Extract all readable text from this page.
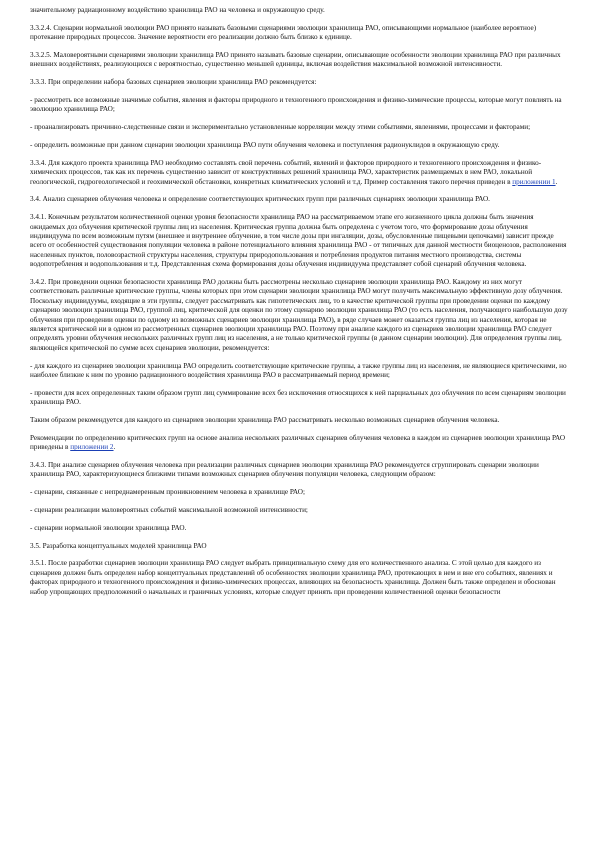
значительному радиационному воздействию хранилища РАО на человека и окружающую среду.

3.3.2.4. Сценарии нормальной эволюции РАО принято называть базовыми сценариями эволюции хранилища РАО, описывающими нормальное (наиболее вероятное) протекание природных процессов. Значение вероятности его реализации должно быть близко к единице.

3.3.2.5. Маловероятными сценариями эволюции хранилища РАО принято называть базовые сценарии, описывающие особенности эволюции хранилища РАО при различных внешних воздействиях, реализующихся с вероятностью, существенно меньшей единицы, включая воздействия максимальной возможной интенсивности.

3.3.3. При определении набора базовых сценариев эволюции хранилища РАО рекомендуется:

- рассмотреть все возможные значимые события, явления и факторы природного и техногенного происхождения и физико-химические процессы, которые могут повлиять на эволюцию хранилища РАО;

- проанализировать причинно-следственные связи и экспериментально установленные корреляции между этими событиями, явлениями, процессами и факторами;

- определить возможные при данном сценарии эволюции хранилища РАО пути облучения человека и поступления радионуклидов в окружающую среду.

3.3.4. Для каждого проекта хранилища РАО необходимо составлять свой перечень событий, явлений и факторов природного и техногенного происхождения и физико-химических процессов, так как их перечень существенно зависит от конструктивных решений хранилища РАО, характеристик размещаемых в нем РАО, локальной геологической, гидрогеологической и геохимической обстановки, конкретных климатических условий и т.д. Пример составления такого перечня приведен в приложении 1.

3.4. Анализ сценариев облучения человека и определение соответствующих критических групп при различных сценариях эволюции хранилища РАО.

3.4.1. Конечным результатом количественной оценки уровня безопасности хранилища РАО на рассматриваемом этапе его жизненного цикла должны быть значения ожидаемых доз облучения критической группы лиц из населения. Критическая группа должна быть определена с учетом того, что формирование дозы облучения индивидуума по всем возможным путям (внешнее и внутреннее облучение, в том числе дозы при ингаляции, дозы, обусловленные пищевыми цепочками) зависит прежде всего от особенностей существования популяции человека в районе потенциального влияния хранилища РАО - от типичных для данной местности биоценозов, расположения населенных пунктов, половозрастной структуры населения, структуры природопользования и потребления продуктов питания местного производства, системы водопотребления и водопользования и т.д. Представленная схема формирования дозы облучения индивидуума представляет собой сценарий облучения человека.

3.4.2. При проведении оценки безопасности хранилища РАО должны быть рассмотрены несколько сценариев эволюции хранилища РАО. Каждому из них могут соответствовать различные критические группы, члены которых при этом сценарии эволюции хранилища РАО могут получить максимальную эффективную дозу облучения. Поскольку индивидуумы, входящие в эти группы, следует рассматривать как гипотетических лиц, то в качестве критической группы при проведении оценки по каждому сценарию эволюции хранилища РАО, группой лиц, критической для оценки по этому сценарию эволюции хранилища РАО (то есть населения, получающего наибольшую дозу облучения при проведении оценки по одному из возможных сценариев эволюции хранилища РАО), в ряде случаев может оказаться группа лиц из населения, которая не является критической ни в одном из рассмотренных сценариев эволюции хранилища РАО. Поэтому при анализе каждого из сценариев эволюции хранилища РАО следует определять уровни облучения нескольких различных групп лиц из населения, а не только критической группы (в данном сценарии эволюции). Для определения группы лиц, являющейся критической по сумме всех сценариев эволюции, рекомендуется:

- для каждого из сценариев эволюции хранилища РАО определить соответствующие критические группы, а также группы лиц из населения, не являющиеся критическими, но наиболее близкие к ним по уровню радиационного воздействия хранилища РАО в рассматриваемый период времени;

- провести для всех определенных таким образом групп лиц суммирование всех без исключения относящихся к ней парциальных доз облучения по всем сценариям эволюции хранилища РАО.

Таким образом рекомендуется для каждого из сценариев эволюции хранилища РАО рассматривать несколько возможных сценариев облучения человека.

Рекомендации по определению критических групп на основе анализа нескольких различных сценариев облучения человека в каждом из сценариев эволюции хранилища РАО приведены в приложении 2.

3.4.3. При анализе сценариев облучения человека при реализации различных сценариев эволюции хранилища РАО рекомендуется сгруппировать сценарии эволюции хранилища РАО, характеризующиеся близкими типами возможных сценариев облучения популяции человека, следующим образом:

- сценарии, связанные с непреднамеренным проникновением человека в хранилище РАО;

- сценарии реализации маловероятных событий максимальной возможной интенсивности;

- сценарии нормальной эволюции хранилища РАО.

3.5. Разработка концептуальных моделей хранилища РАО

3.5.1. После разработки сценариев эволюции хранилища РАО следует выбрать принципиальную схему для его количественного анализа. С этой целью для каждого из сценариев должен быть определен набор концептуальных представлений об особенностях эволюции хранилища РАО, протекающих в нем и вне его событиях, явлениях и факторах природного и техногенного происхождения и физико-химических процессах, влияющих на безопасность хранилища. Должен быть также определен и обоснован набор упрощающих предположений о начальных и граничных условиях, которые следует принять при проведении количественной оценки безопасности
